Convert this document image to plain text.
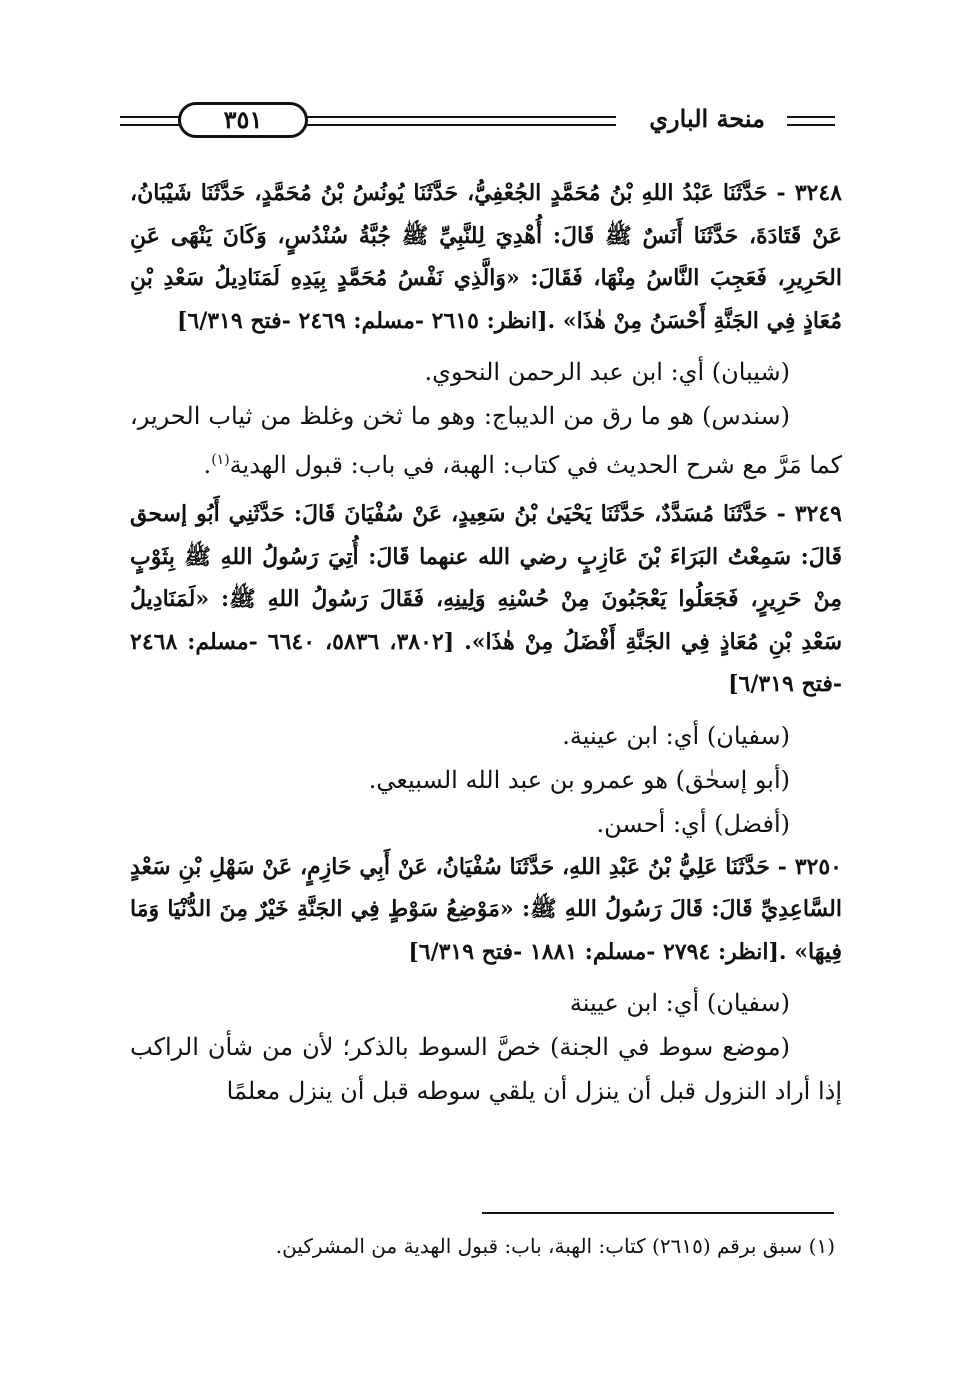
٣٥١	منحة الباري

٣٢٤٨ - حَدَّثَنَا عَبْدُ اللهِ بْنُ مُحَمَّدٍ الجُعْفِيُّ، حَدَّثَنَا يُونُسُ بْنُ مُحَمَّدٍ، حَدَّثَنَا شَيْبَانُ، عَنْ قَتَادَةَ، حَدَّثَنَا أَنَسٌ ﷺ قَالَ: أُهْدِيَ لِلنَّبِيِّ ﷺ جُبَّةُ سُنْدُسٍ، وَكَانَ يَنْهَى عَنِ الحَرِيرِ، فَعَجِبَ النَّاسُ مِنْهَا، فَقَالَ: «وَالَّذِي نَفْسُ مُحَمَّدٍ بِيَدِهِ لَمَنَادِيلُ سَعْدِ بْنِ مُعَاذٍ فِي الجَنَّةِ أَحْسَنُ مِنْ هٰذَا» .[انظر: ٢٦١٥ -مسلم: ٢٤٦٩ -فتح ٦/٣١٩]

(شيبان) أي: ابن عبد الرحمن النحوي.

(سندس) هو ما رق من الديباج: وهو ما ثخن وغلظ من ثياب الحرير، كما مَرَّ مع شرح الحديث في كتاب: الهبة، في باب: قبول الهدية$^{(١)}$.

٣٢٤٩ - حَدَّثَنَا مُسَدَّدٌ، حَدَّثَنَا يَحْيَىٰ بْنُ سَعِيدٍ، عَنْ سُفْيَانَ قَالَ: حَدَّثَنِي أَبُو إسحق قَالَ: سَمِعْتُ البَرَاءَ بْنَ عَازِبٍ رضي الله عنهما قَالَ: أُتِيَ رَسُولُ اللهِ ﷺ بِثَوْبٍ مِنْ حَرِيرٍ، فَجَعَلُوا يَعْجَبُونَ مِنْ حُسْنِهِ وَلِينِهِ، فَقَالَ رَسُولُ اللهِ ﷺ: «لَمَنَادِيلُ سَعْدِ بْنِ مُعَاذٍ فِي الجَنَّةِ أَفْضَلُ مِنْ هٰذَا». [٣٨٠٢، ٥٨٣٦، ٦٦٤٠ -مسلم: ٢٤٦٨ -فتح ٦/٣١٩]

(سفيان) أي: ابن عينية.

(أبو إسحٰق) هو عمرو بن عبد الله السبيعي.

(أفضل) أي: أحسن.

٣٢٥٠ - حَدَّثَنَا عَلِيُّ بْنُ عَبْدِ اللهِ، حَدَّثَنَا سُفْيَانُ، عَنْ أَبِي حَازِمٍ، عَنْ سَهْلِ بْنِ سَعْدٍ السَّاعِدِيِّ قَالَ: قَالَ رَسُولُ اللهِ ﷺ: «مَوْضِعُ سَوْطٍ فِي الجَنَّةِ خَيْرٌ مِنَ الدُّنْيَا وَمَا فِيهَا» .[انظر: ٢٧٩٤ -مسلم: ١٨٨١ -فتح ٦/٣١٩]

(سفيان) أي: ابن عيينة

(موضع سوط في الجنة) خصَّ السوط بالذكر؛ لأن من شأن الراكب إذا أراد النزول قبل أن ينزل أن يلقي سوطه قبل أن ينزل معلمًا

(١) سبق برقم (٢٦١٥) كتاب: الهبة، باب: قبول الهدية من المشركين.
